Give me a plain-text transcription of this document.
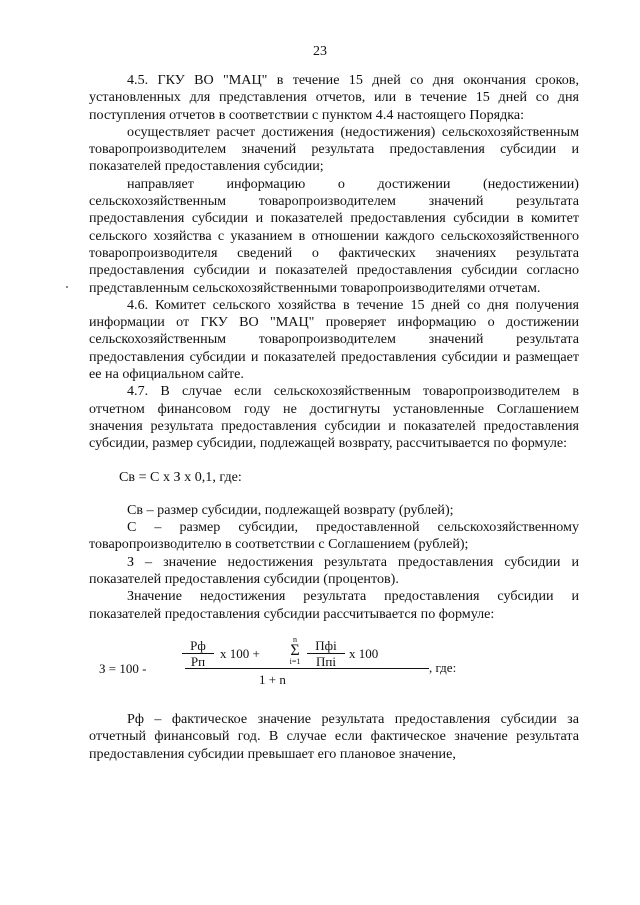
23

4.5. ГКУ ВО "МАЦ" в течение 15 дней со дня окончания сроков, установленных для представления отчетов, или в течение 15 дней со дня поступления отчетов в соответствии с пунктом 4.4 настоящего Порядка:

осуществляет расчет достижения (недостижения) сельскохозяйственным товаропроизводителем значений результата предоставления субсидии и показателей предоставления субсидии;

направляет информацию о достижении (недостижении) сельскохозяйственным товаропроизводителем значений результата предоставления субсидии и показателей предоставления субсидии в комитет сельского хозяйства с указанием в отношении каждого сельскохозяйственного товаропроизводителя сведений о фактических значениях результата предоставления субсидии и показателей предоставления субсидии согласно представленным сельскохозяйственными товаропроизводителями отчетам.

4.6. Комитет сельского хозяйства в течение 15 дней со дня получения информации от ГКУ ВО "МАЦ" проверяет информацию о достижении сельскохозяйственным товаропроизводителем значений результата предоставления субсидии и показателей предоставления субсидии и размещает ее на официальном сайте.

4.7. В случае если сельскохозяйственным товаропроизводителем в отчетном финансовом году не достигнуты установленные Соглашением значения результата предоставления субсидии и показателей предоставления субсидии, размер субсидии, подлежащей возврату, рассчитывается по формуле:

Св = С х З х 0,1, где:

Св – размер субсидии, подлежащей возврату (рублей);

С – размер субсидии, предоставленной сельскохозяйственному товаропроизводителю в соответствии с Соглашением (рублей);

З – значение недостижения результата предоставления субсидии и показателей предоставления субсидии (процентов).

Значение недостижения результата предоставления субсидии и показателей предоставления субсидии рассчитывается по формуле:

З = 100 -
Рф
Рп
х 100 +
n
Σ
i=1
Пфi
Ппi
х 100
1 + n
, где:

Рф – фактическое значение результата предоставления субсидии за отчетный финансовый год. В случае если фактическое значение результата предоставления субсидии превышает его плановое значение,
